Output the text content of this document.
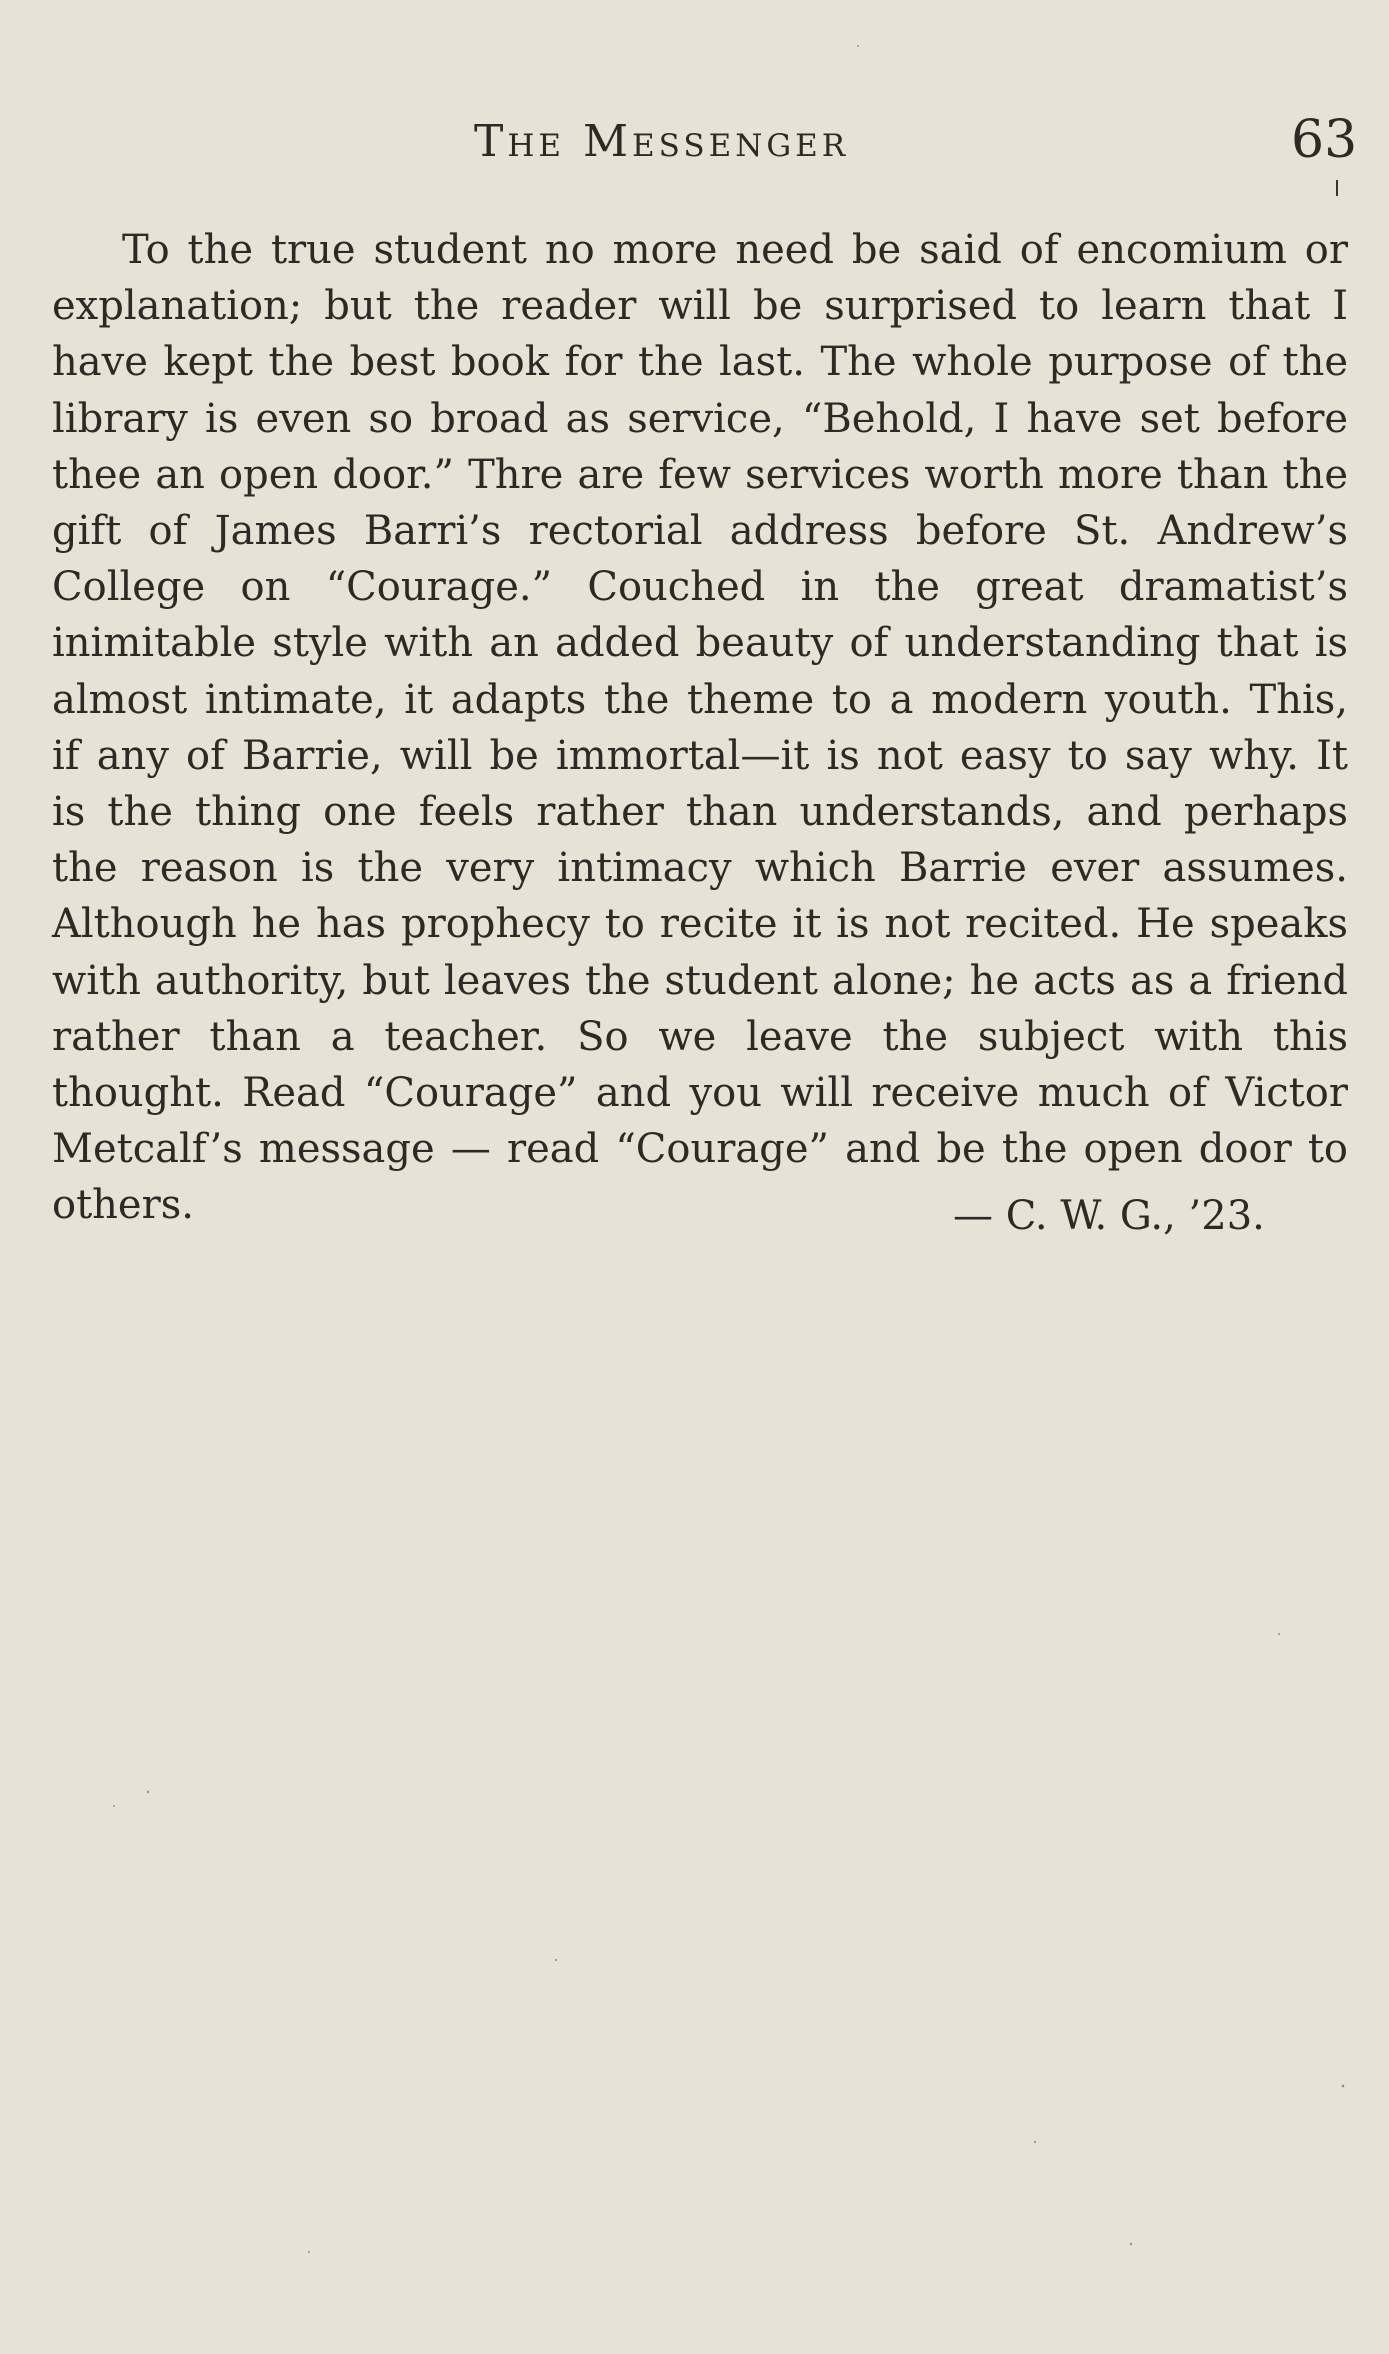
The Messenger	63

To the true student no more need be said of encomium or explanation; but the reader will be surprised to learn that I have kept the best book for the last. The whole purpose of the library is even so broad as service, “Behold, I have set before thee an open door.” Thre are few services worth more than the gift of James Barri’s rectorial address before St. Andrew’s College on “Courage.” Couched in the great dramatist’s inimitable style with an added beauty of understanding that is almost intimate, it adapts the theme to a modern youth. This, if any of Barrie, will be immortal—it is not easy to say why. It is the thing one feels rather than understands, and perhaps the reason is the very intimacy which Barrie ever assumes. Although he has prophecy to recite it is not recited. He speaks with authority, but leaves the student alone; he acts as a friend rather than a teacher. So we leave the subject with this thought. Read “Courage” and you will receive much of Victor Metcalf’s message — read “Courage” and be the open door to others.	— C. W. G., ’23.
